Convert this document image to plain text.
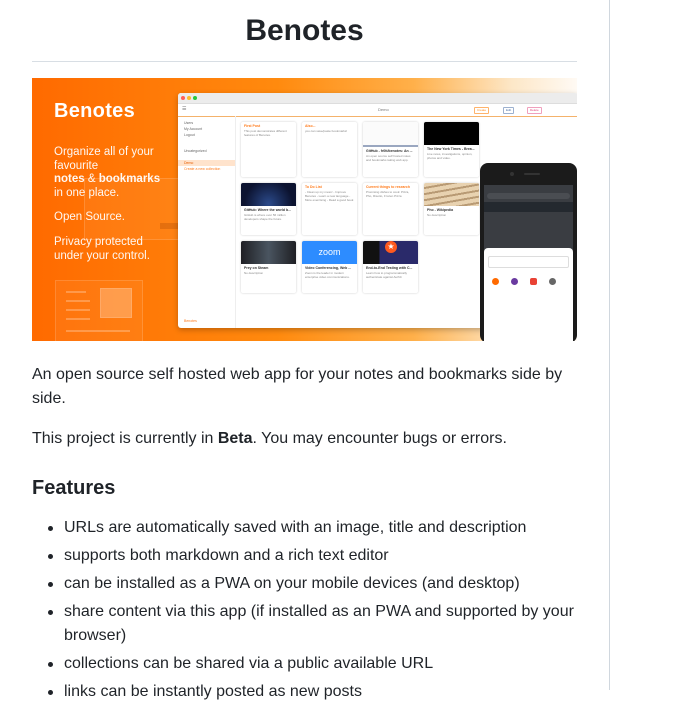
Benotes
Benotes
Organize all of your
favourite
notes & bookmarks
in one place.
Open Source.
Privacy protected
under your control.
☰	Demo	Create	Edit	Delete
Users
My Account
Logout
Uncategorized
Demo
Create a new collection
Benotes
First Post
This post demonstrates different features of Benotes.
Also...
you can save/paste bookmarks!
GitHub - fr0tt/benotes: An ...
An open source self hosted notes and bookmarks taking web app.
The New York Times - Brea...
Live news, investigations, opinion, photos and video.
GitHub: Where the world b...
GitHub is where over 56 million developers shape the future.
To Do List
- Clean up my mess! - Improve Benotes - Learn a new language - More exercising - Read a good book
Current things to research
Promising dishes to cook: Pizza, Pho, Risotto, Frozen Pizza
Pho - Wikipedia
No description
Prey on Steam
No description
zoom
Video Conferencing, Web ...
Zoom is the leader in modern enterprise video communications.
★
End-to-End Testing with C...
Learn how to programmatically authenticate against Auth0.

An open source self hosted web app for your notes and bookmarks side by side.

This project is currently in Beta. You may encounter bugs or errors.

Features
URLs are automatically saved with an image, title and description
supports both markdown and a rich text editor
can be installed as a PWA on your mobile devices (and desktop)
share content via this app (if installed as an PWA and supported by your browser)
collections can be shared via a public available URL
links can be instantly posted as new posts
